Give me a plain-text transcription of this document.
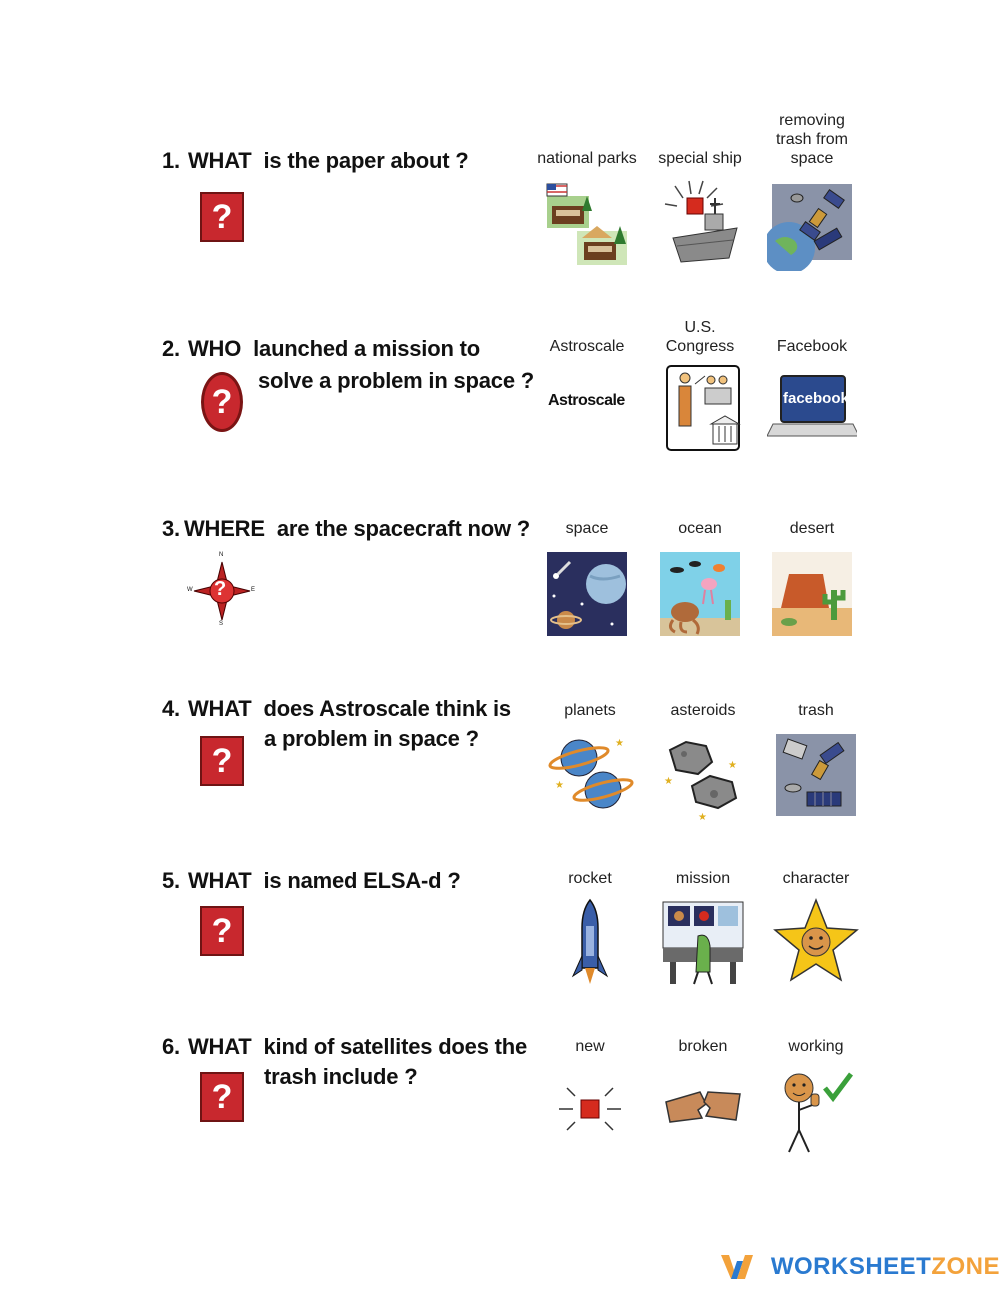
1. WHAT is the paper about ?
?
national parks	special ship
removing trash from space
2. WHO launched a mission to
solve a problem in space ?
?
Astroscale
Astroscale
U.S. Congress	Facebook
facebook
3. WHERE are the spacecraft now ?
?
N
S
E
W
space	ocean	desert
4. WHAT does Astroscale think is
a problem in space ?
?
planets
★
★
asteroids
★
★
★
trash
5. WHAT is named ELSA-d ?
?
rocket	mission	character
6. WHAT kind of satellites does the
trash include ?
?
new	broken	working
WORKSHEETZONE
